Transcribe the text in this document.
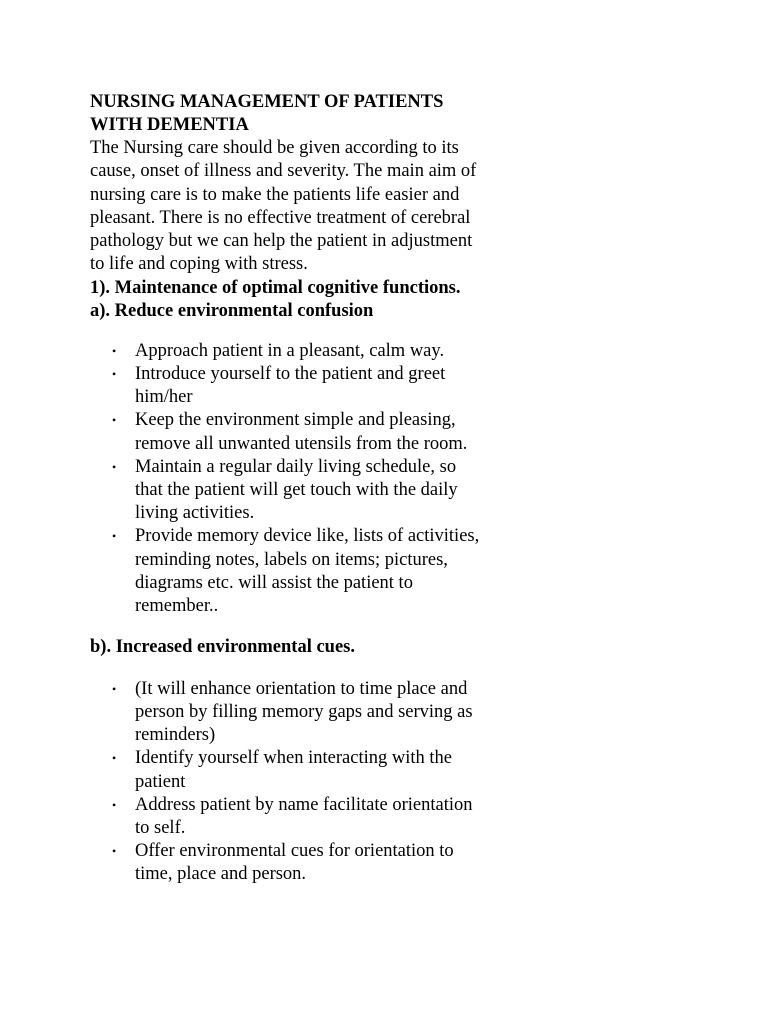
NURSING MANAGEMENT OF PATIENTS
WITH DEMENTIA
The Nursing care should be given according to its
cause, onset of illness and severity. The main aim of
nursing care is to make the patients life easier and
pleasant. There is no effective treatment of cerebral
pathology but we can help the patient in adjustment
to life and coping with stress.
1). Maintenance of optimal cognitive functions.
a). Reduce environmental confusion
• Approach patient in a pleasant, calm way.
• Introduce yourself to the patient and greet
him/her
• Keep the environment simple and pleasing,
remove all unwanted utensils from the room.
• Maintain a regular daily living schedule, so
that the patient will get touch with the daily
living activities.
• Provide memory device like, lists of activities,
reminding notes, labels on items; pictures,
diagrams etc. will assist the patient to
remember..
b). Increased environmental cues.
• (It will enhance orientation to time place and
person by filling memory gaps and serving as
reminders)
• Identify yourself when interacting with the
patient
• Address patient by name facilitate orientation
to self.
• Offer environmental cues for orientation to
time, place and person.
